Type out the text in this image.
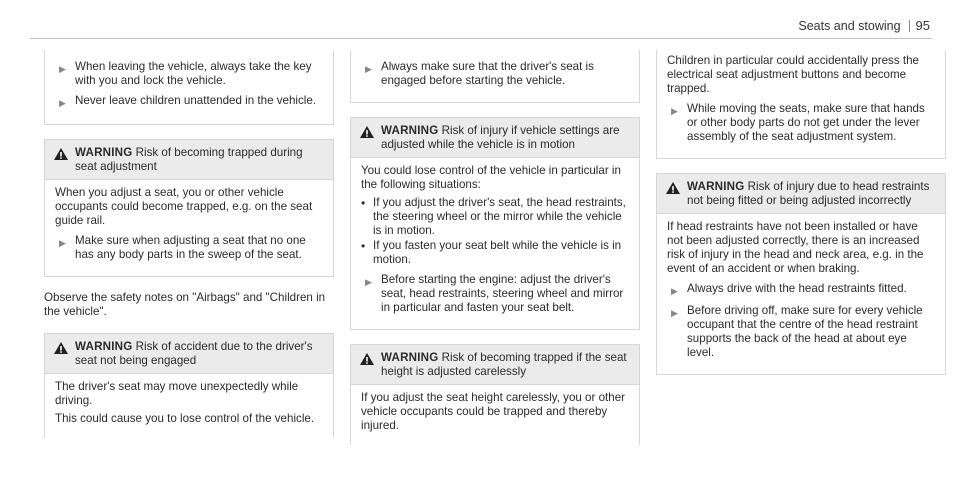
Seats and stowing 95
▶ When leaving the vehicle, always take the key with you and lock the vehicle.
▶ Never leave children unattended in the vehicle.
WARNING Risk of becoming trapped during seat adjustment

When you adjust a seat, you or other vehicle occupants could become trapped, e.g. on the seat guide rail.

▶ Make sure when adjusting a seat that no one has any body parts in the sweep of the seat.

Observe the safety notes on "Airbags" and "Children in the vehicle".

WARNING Risk of accident due to the driver's seat not being engaged

The driver's seat may move unexpectedly while driving.

This could cause you to lose control of the vehicle.

▶ Always make sure that the driver's seat is engaged before starting the vehicle.
WARNING Risk of injury if vehicle settings are adjusted while the vehicle is in motion

You could lose control of the vehicle in particular in the following situations:

• If you adjust the driver's seat, the head restraints, the steering wheel or the mirror while the vehicle is in motion.
• If you fasten your seat belt while the vehicle is in motion.
▶ Before starting the engine: adjust the driver's seat, head restraints, steering wheel and mirror in particular and fasten your seat belt.
WARNING Risk of becoming trapped if the seat height is adjusted carelessly

If you adjust the seat height carelessly, you or other vehicle occupants could be trapped and thereby injured.

Children in particular could accidentally press the electrical seat adjustment buttons and become trapped.

▶ While moving the seats, make sure that hands or other body parts do not get under the lever assembly of the seat adjustment system.
WARNING Risk of injury due to head restraints not being fitted or being adjusted incorrectly

If head restraints have not been installed or have not been adjusted correctly, there is an increased risk of injury in the head and neck area, e.g. in the event of an accident or when braking.

▶ Always drive with the head restraints fitted.
▶ Before driving off, make sure for every vehicle occupant that the centre of the head restraint supports the back of the head at about eye level.
